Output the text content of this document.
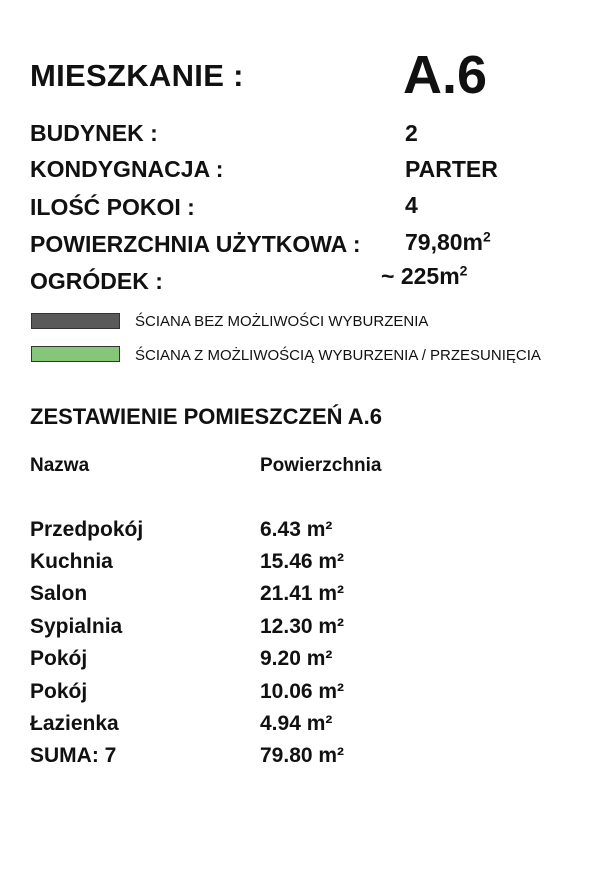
MIESZKANIE :	A.6
BUDYNEK :	2
KONDYGNACJA :	PARTER
ILOŚĆ POKOI :	4
POWIERZCHNIA UŻYTKOWA : $79,80m^2$
OGRÓDEK :	~ $225m^2$
ŚCIANA BEZ MOŻLIWOŚCI WYBURZENIA
ŚCIANA Z MOŻLIWOŚCIĄ WYBURZENIA / PRZESUNIĘCIA
ZESTAWIENIE POMIESZCZEŃ A.6
Nazwa	Powierzchnia
Przedpokój	6.43 m²
Kuchnia	15.46 m²
Salon	21.41 m²
Sypialnia	12.30 m²
Pokój	9.20 m²
Pokój	10.06 m²
Łazienka	4.94 m²
SUMA: 7	79.80 m²
